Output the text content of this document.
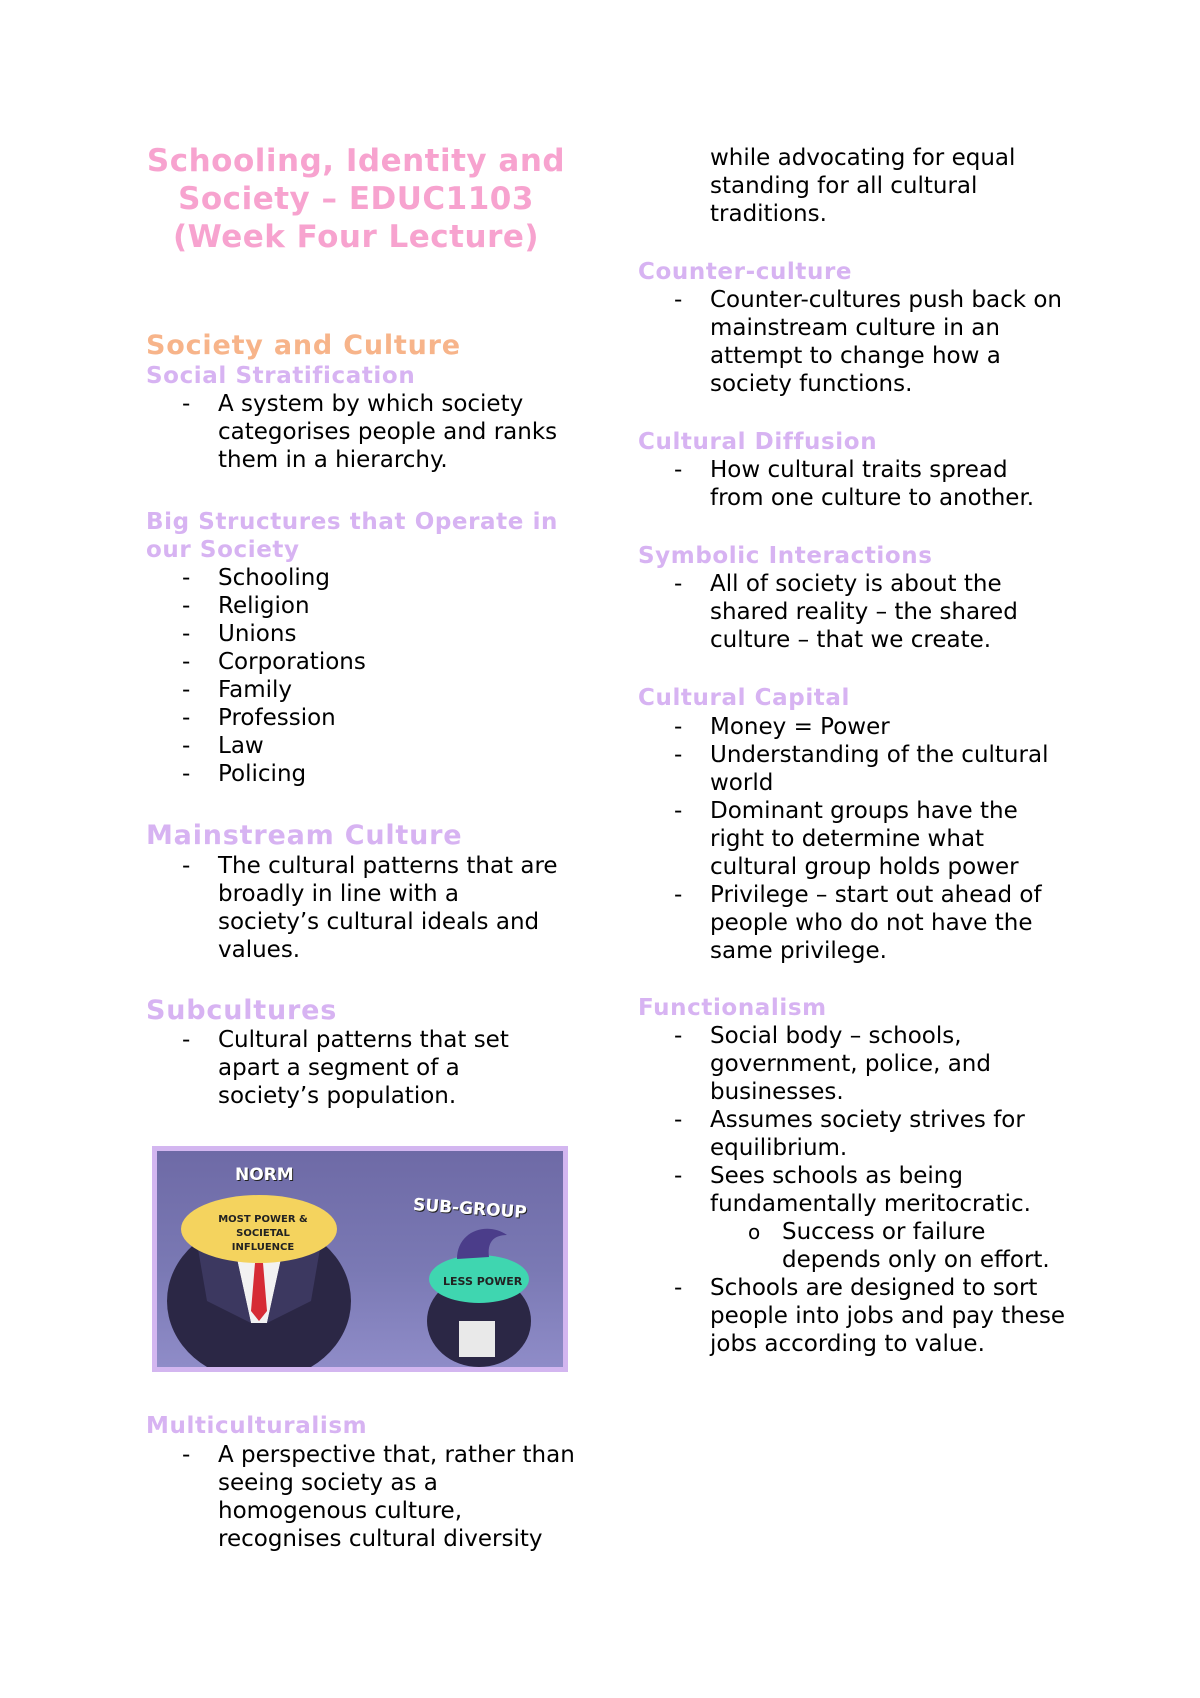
Schooling, Identity and Society – EDUC1103 (Week Four Lecture)
Society and Culture
Social Stratification
- A system by which society categorises people and ranks them in a hierarchy.
Big Structures that Operate in our Society
- Schooling
- Religion
- Unions
- Corporations
- Family
- Profession
- Law
- Policing
Mainstream Culture
- The cultural patterns that are broadly in line with a society’s cultural ideals and values.
Subcultures
- Cultural patterns that set apart a segment of a society’s population.
NORM
MOST POWER & SOCIETAL INFLUENCE
SUB-GROUP
LESS POWER
Multiculturalism
- A perspective that, rather than seeing society as a homogenous culture, recognises cultural diversity
while advocating for equal standing for all cultural traditions.
Counter-culture
- Counter-cultures push back on mainstream culture in an attempt to change how a society functions.
Cultural Diffusion
- How cultural traits spread from one culture to another.
Symbolic Interactions
- All of society is about the shared reality – the shared culture – that we create.
Cultural Capital
- Money = Power
- Understanding of the cultural world
- Dominant groups have the right to determine what cultural group holds power
- Privilege – start out ahead of people who do not have the same privilege.
Functionalism
- Social body – schools, government, police, and businesses.
- Assumes society strives for equilibrium.
- Sees schools as being fundamentally meritocratic.
o Success or failure depends only on effort.
- Schools are designed to sort people into jobs and pay these jobs according to value.
